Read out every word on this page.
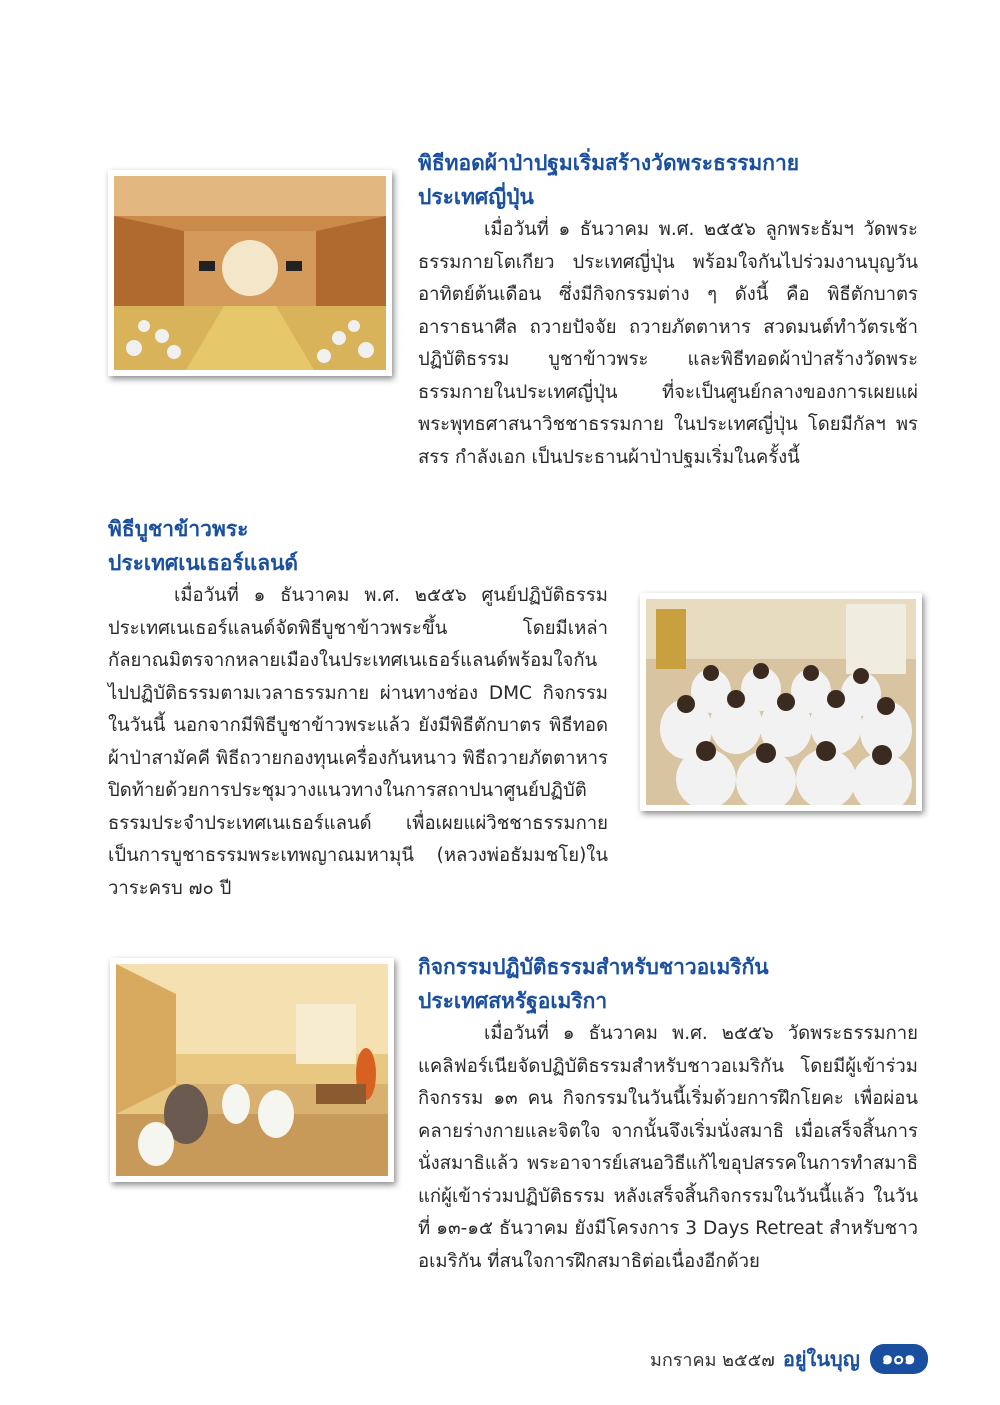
พิธีทอดผ้าป่าปฐมเริ่มสร้างวัดพระธรรมกาย
ประเทศญี่ปุ่น

เมื่อวันที่ ๑ ธันวาคม พ.ศ. ๒๕๕๖ ลูกพระธัมฯ วัดพระธรรมกายโตเกียว ประเทศญี่ปุ่น พร้อมใจกันไปร่วมงานบุญวันอาทิตย์ต้นเดือน ซึ่งมีกิจกรรมต่าง ๆ ดังนี้ คือ พิธีตักบาตร อาราธนาศีล ถวายปัจจัย ถวายภัตตาหาร สวดมนต์ทำวัตรเช้า ปฏิบัติธรรม บูชาข้าวพระ และพิธีทอดผ้าป่าสร้างวัดพระธรรมกายในประเทศญี่ปุ่น ที่จะเป็นศูนย์กลางของการเผยแผ่พระพุทธศาสนาวิชชาธรรมกาย ในประเทศญี่ปุ่น โดยมีกัลฯ พรสรร กำลังเอก เป็นประธานผ้าป่าปฐมเริ่มในครั้งนี้

พิธีบูชาข้าวพระ
ประเทศเนเธอร์แลนด์

เมื่อวันที่ ๑ ธันวาคม พ.ศ. ๒๕๕๖ ศูนย์ปฏิบัติธรรมประเทศเนเธอร์แลนด์จัดพิธีบูชาข้าวพระขึ้น โดยมีเหล่ากัลยาณมิตรจากหลายเมืองในประเทศเนเธอร์แลนด์พร้อมใจกันไปปฏิบัติธรรมตามเวลาธรรมกาย ผ่านทางช่อง DMC กิจกรรมในวันนี้ นอกจากมีพิธีบูชาข้าวพระแล้ว ยังมีพิธีตักบาตร พิธีทอดผ้าป่าสามัคคี พิธีถวายกองทุนเครื่องกันหนาว พิธีถวายภัตตาหาร ปิดท้ายด้วยการประชุมวางแนวทางในการสถาปนาศูนย์ปฏิบัติธรรมประจำประเทศเนเธอร์แลนด์ เพื่อเผยแผ่วิชชาธรรมกาย เป็นการบูชาธรรมพระเทพญาณมหามุนี (หลวงพ่อธัมมชโย)ในวาระครบ ๗๐ ปี

กิจกรรมปฏิบัติธรรมสำหรับชาวอเมริกัน
ประเทศสหรัฐอเมริกา

เมื่อวันที่ ๑ ธันวาคม พ.ศ. ๒๕๕๖ วัดพระธรรมกายแคลิฟอร์เนียจัดปฏิบัติธรรมสำหรับชาวอเมริกัน โดยมีผู้เข้าร่วมกิจกรรม ๑๓ คน กิจกรรมในวันนี้เริ่มด้วยการฝึกโยคะ เพื่อผ่อนคลายร่างกายและจิตใจ จากนั้นจึงเริ่มนั่งสมาธิ เมื่อเสร็จสิ้นการนั่งสมาธิแล้ว พระอาจารย์เสนอวิธีแก้ไขอุปสรรคในการทำสมาธิแก่ผู้เข้าร่วมปฏิบัติธรรม หลังเสร็จสิ้นกิจกรรมในวันนี้แล้ว ในวันที่ ๑๓-๑๕ ธันวาคม ยังมีโครงการ 3 Days Retreat สำหรับชาวอเมริกัน ที่สนใจการฝึกสมาธิต่อเนื่องอีกด้วย

มกราคม ๒๕๕๗ อยู่ในบุญ	๑๐๑
